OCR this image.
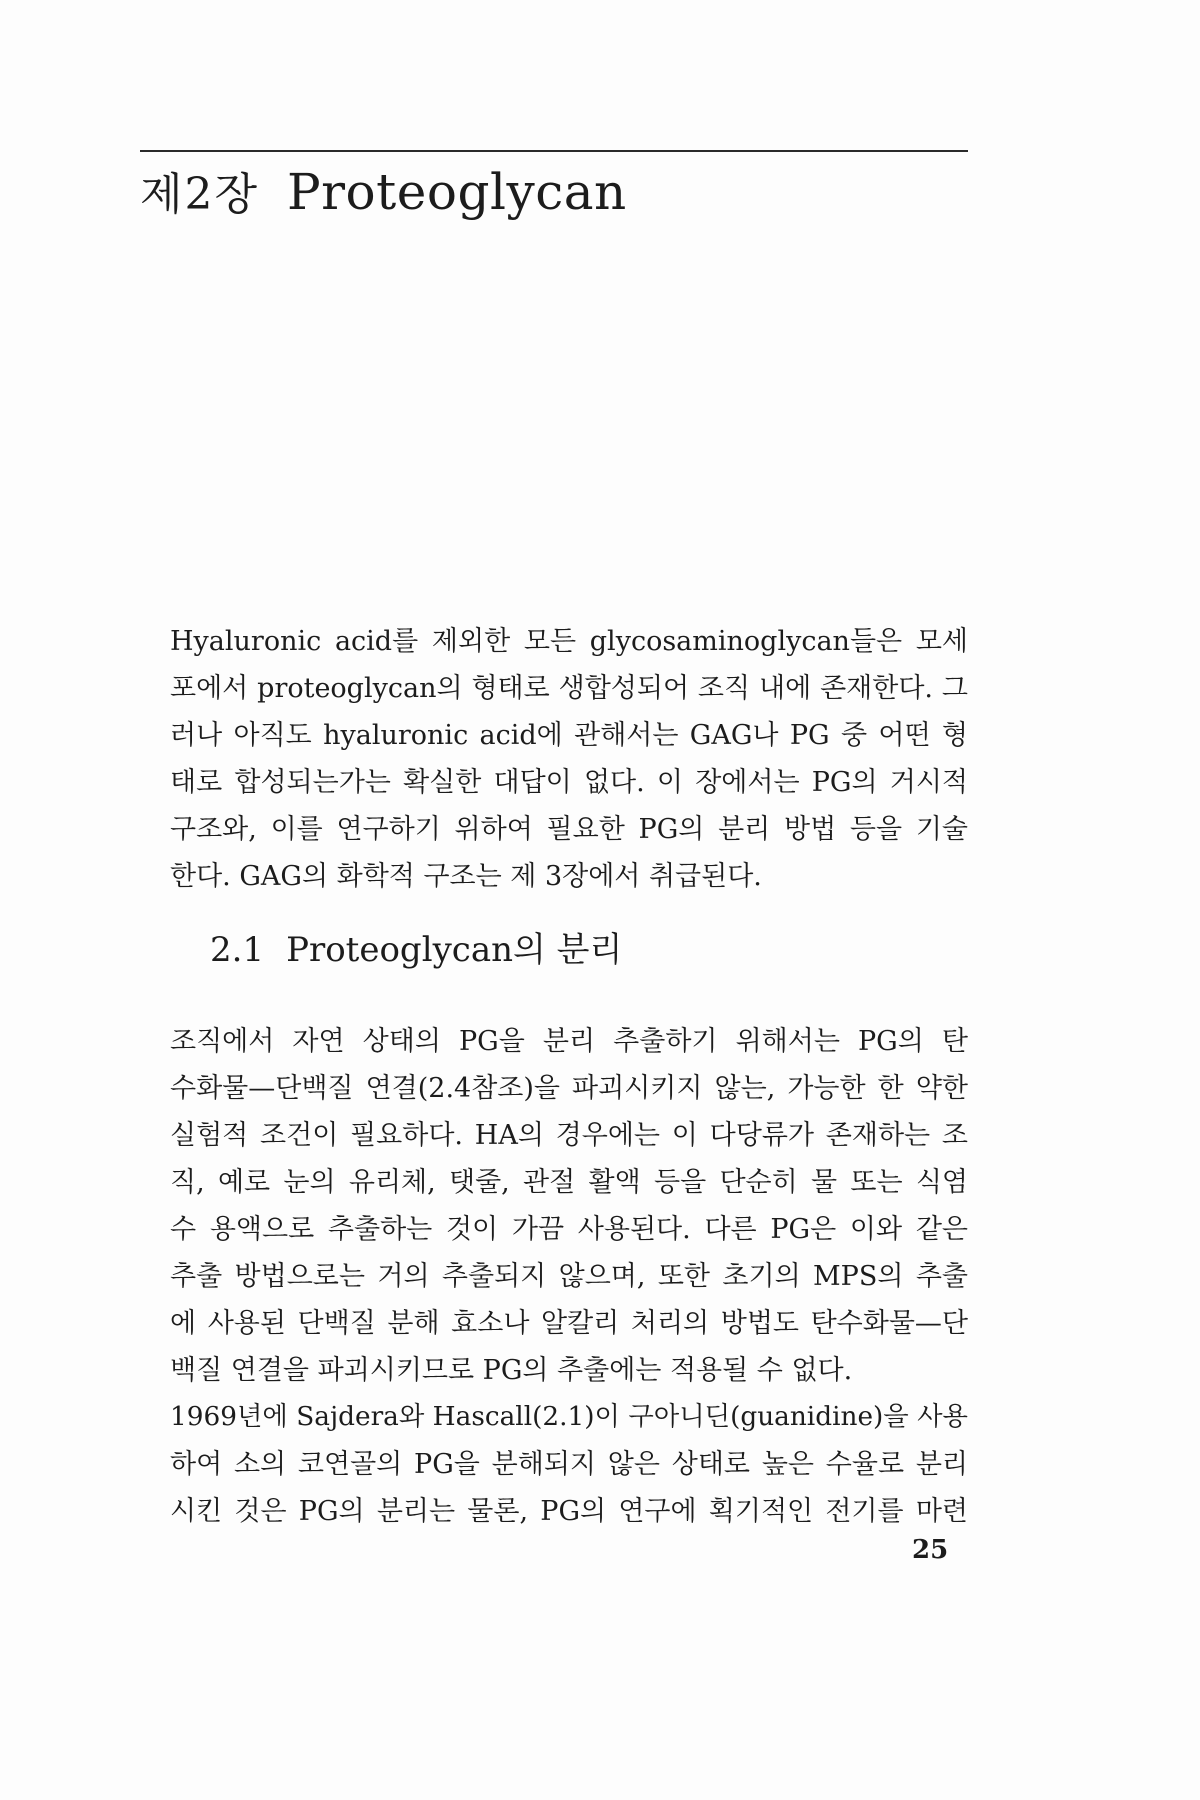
제2장 Proteoglycan
Hyaluronic acid를 제외한 모든 glycosaminoglycan들은 모세
포에서 proteoglycan의 형태로 생합성되어 조직 내에 존재한다. 그
러나 아직도 hyaluronic acid에 관해서는 GAG나 PG 중 어떤 형
태로 합성되는가는 확실한 대답이 없다. 이 장에서는 PG의 거시적
구조와, 이를 연구하기 위하여 필요한 PG의 분리 방법 등을 기술
한다. GAG의 화학적 구조는 제 3장에서 취급된다.
2.1 Proteoglycan의 분리
조직에서 자연 상태의 PG을 분리 추출하기 위해서는 PG의 탄
수화물—단백질 연결(2.4참조)을 파괴시키지 않는, 가능한 한 약한
실험적 조건이 필요하다. HA의 경우에는 이 다당류가 존재하는 조
직, 예로 눈의 유리체, 탯줄, 관절 활액 등을 단순히 물 또는 식염
수 용액으로 추출하는 것이 가끔 사용된다. 다른 PG은 이와 같은
추출 방법으로는 거의 추출되지 않으며, 또한 초기의 MPS의 추출
에 사용된 단백질 분해 효소나 알칼리 처리의 방법도 탄수화물—단
백질 연결을 파괴시키므로 PG의 추출에는 적용될 수 없다.
1969년에 Sajdera와 Hascall(2.1)이 구아니딘(guanidine)을 사용
하여 소의 코연골의 PG을 분해되지 않은 상태로 높은 수율로 분리
시킨 것은 PG의 분리는 물론, PG의 연구에 획기적인 전기를 마련
25
